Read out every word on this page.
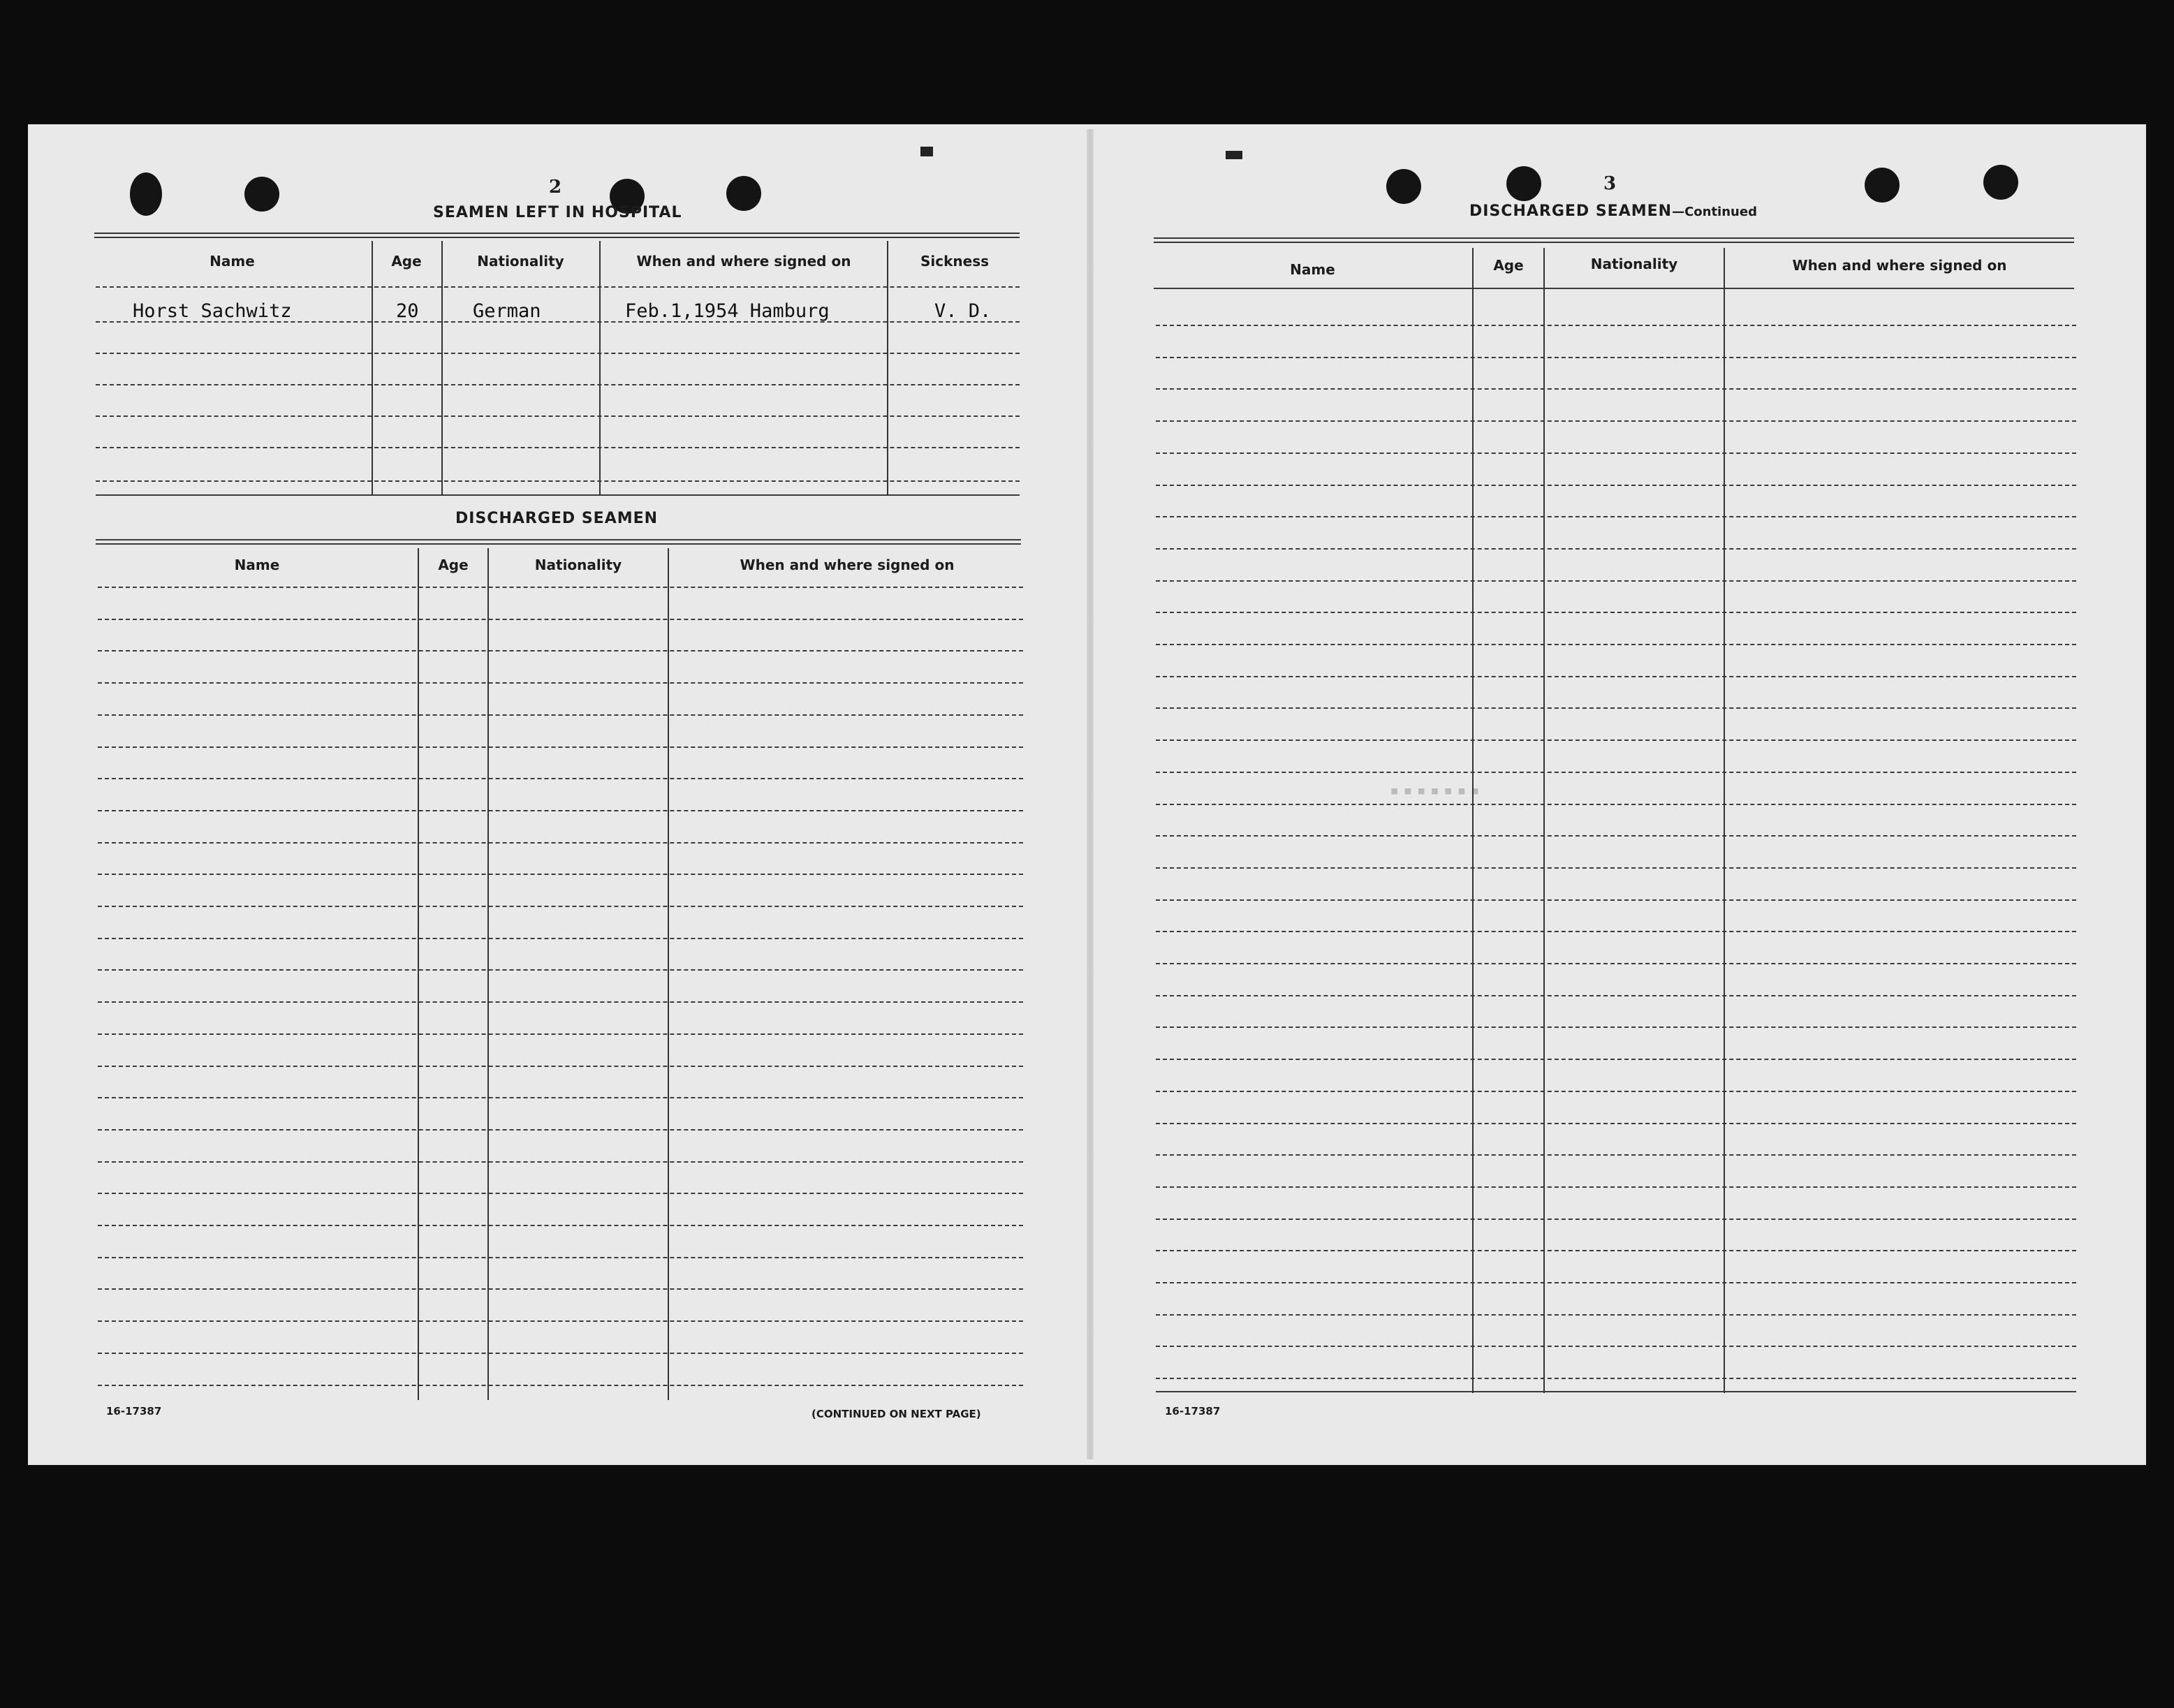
2
SEAMEN LEFT IN HOSPITAL
Name	Age	Nationality	When and where signed on	Sickness
Horst Sachwitz	20	German	Feb.1,1954 Hamburg	V. D.
DISCHARGED SEAMEN
Name	Age	Nationality	When and where signed on
16-17387	(CONTINUED ON NEXT PAGE)
3
DISCHARGED SEAMEN—Continued
Name	Age	Nationality	When and where signed on
▪▪▪▪▪▪▪
16-17387
